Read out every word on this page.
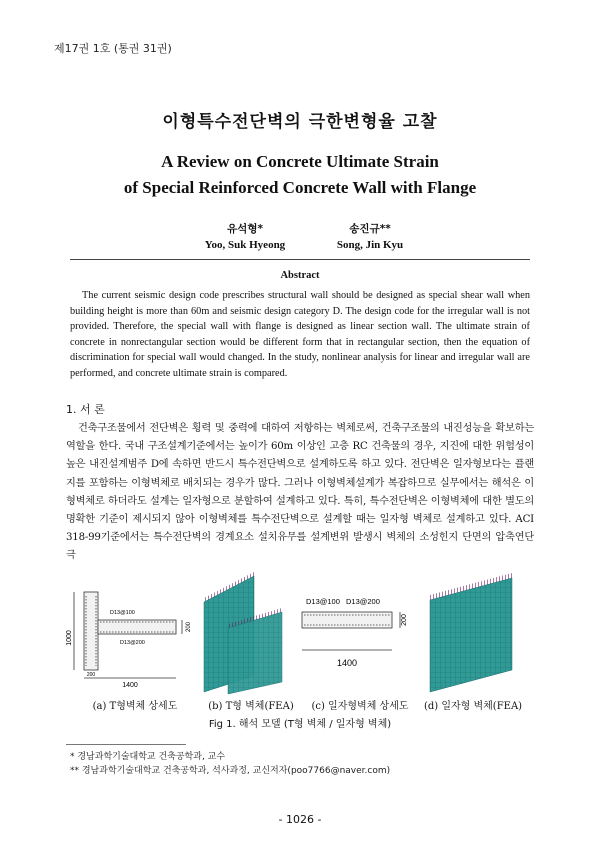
제17권 1호 (통권 31권)
이형특수전단벽의 극한변형율 고찰
A Review on Concrete Ultimate Strain
of Special Reinforced Concrete Wall with Flange
유석형*
Yoo, Suk Hyeong
송진규**
Song, Jin Kyu
Abstract
The current seismic design code prescribes structural wall should be designed as special shear wall when building height is more than 60m and seismic design category D. The design code for the irregular wall is not provided. Therefore, the special wall with flange is designed as linear section wall. The ultimate strain of concrete in nonrectangular section would be different form that in rectangular section, then the equation of discrimination for special wall would changed. In the study, nonlinear analysis for linear and irregular wall are performed, and concrete ultimate strain is compared.
1. 서 론
건축구조물에서 전단벽은 횡력 및 중력에 대하여 저항하는 벽체로써, 건축구조물의 내진성능을 확보하는 역할을 한다. 국내 구조설계기준에서는 높이가 60m 이상인 고층 RC 건축물의 경우, 지진에 대한 위험성이 높은 내진설계범주 D에 속하면 반드시 특수전단벽으로 설계하도록 하고 있다. 전단벽은 일자형보다는 플랜지를 포함하는 이형벽체로 배치되는 경우가 많다. 그러나 이형벽체설계가 복잡하므로 실무에서는 해석은 이형벽체로 하더라도 설계는 일자형으로 분할하여 설계하고 있다. 특히, 특수전단벽은 이형벽체에 대한 별도의 명확한 기준이 제시되지 않아 이형벽체를 특수전단벽으로 설계할 때는 일자형 벽체로 설계하고 있다. ACI 318-99기준에서는 특수전단벽의 경계요소 설치유무를 설계변위 발생시 벽체의 소성힌지 단면의 압축연단 극
1000
200
200
1400
D13@100
D13@200
D13@100 D13@200
200
1400
(a) T형벽체 상세도	(b) T형 벽체(FEA)	(c) 일자형벽체 상세도	(d) 일자형 벽체(FEA)
Fig 1. 해석 모델 (T형 벽체 / 일자형 벽체)
* 경남과학기술대학교 건축공학과, 교수
** 경남과학기술대학교 건축공학과, 석사과정, 교신저자(poo7766@naver.com)
- 1026 -
